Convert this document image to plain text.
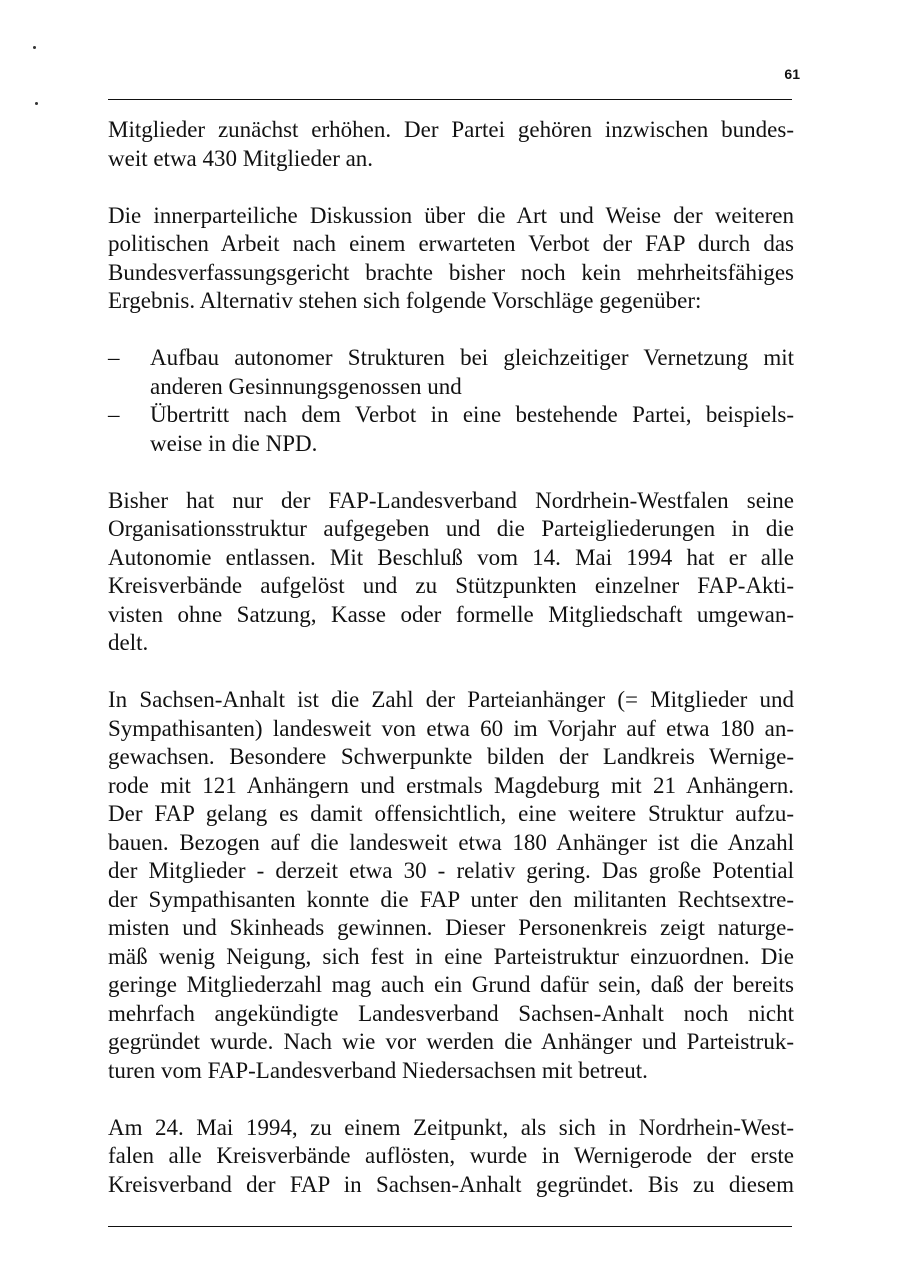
61
Mitglieder zunächst erhöhen. Der Partei gehören inzwischen bundes-
weit etwa 430 Mitglieder an.
Die innerparteiliche Diskussion über die Art und Weise der weiteren
politischen Arbeit nach einem erwarteten Verbot der FAP durch das
Bundesverfassungsgericht brachte bisher noch kein mehrheitsfähiges
Ergebnis. Alternativ stehen sich folgende Vorschläge gegenüber:
–	Aufbau autonomer Strukturen bei gleichzeitiger Vernetzung mit
anderen Gesinnungsgenossen und
–	Übertritt nach dem Verbot in eine bestehende Partei, beispiels-
weise in die NPD.
Bisher hat nur der FAP-Landesverband Nordrhein-Westfalen seine
Organisationsstruktur aufgegeben und die Parteigliederungen in die
Autonomie entlassen. Mit Beschluß vom 14. Mai 1994 hat er alle
Kreisverbände aufgelöst und zu Stützpunkten einzelner FAP-Akti-
visten ohne Satzung, Kasse oder formelle Mitgliedschaft umgewan-
delt.
In Sachsen-Anhalt ist die Zahl der Parteianhänger (= Mitglieder und
Sympathisanten) landesweit von etwa 60 im Vorjahr auf etwa 180 an-
gewachsen. Besondere Schwerpunkte bilden der Landkreis Wernige-
rode mit 121 Anhängern und erstmals Magdeburg mit 21 Anhängern.
Der FAP gelang es damit offensichtlich, eine weitere Struktur aufzu-
bauen. Bezogen auf die landesweit etwa 180 Anhänger ist die Anzahl
der Mitglieder - derzeit etwa 30 - relativ gering. Das große Potential
der Sympathisanten konnte die FAP unter den militanten Rechtsextre-
misten und Skinheads gewinnen. Dieser Personenkreis zeigt naturge-
mäß wenig Neigung, sich fest in eine Parteistruktur einzuordnen. Die
geringe Mitgliederzahl mag auch ein Grund dafür sein, daß der bereits
mehrfach angekündigte Landesverband Sachsen-Anhalt noch nicht
gegründet wurde. Nach wie vor werden die Anhänger und Parteistruk-
turen vom FAP-Landesverband Niedersachsen mit betreut.
Am 24. Mai 1994, zu einem Zeitpunkt, als sich in Nordrhein-West-
falen alle Kreisverbände auflösten, wurde in Wernigerode der erste
Kreisverband der FAP in Sachsen-Anhalt gegründet. Bis zu diesem
